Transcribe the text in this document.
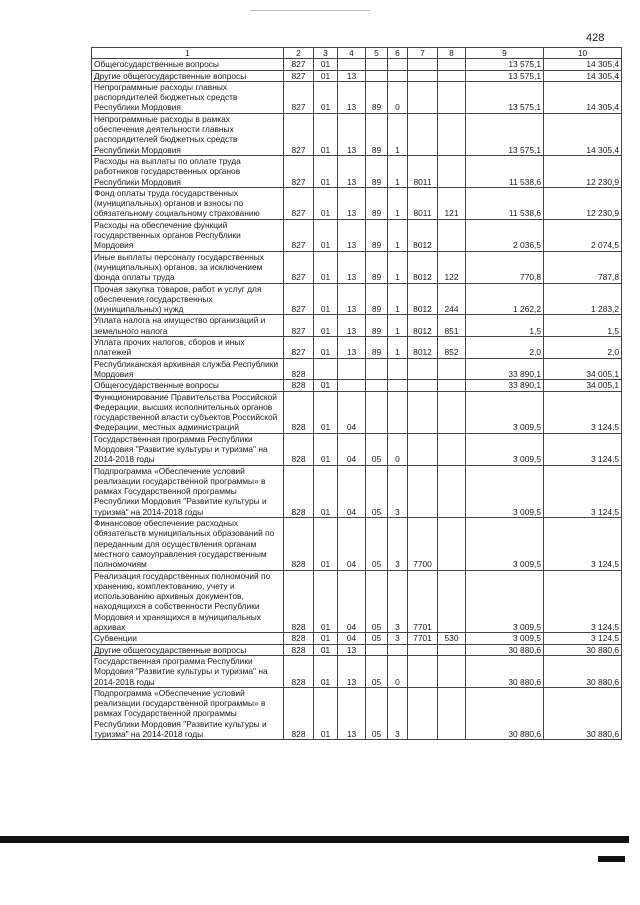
428
1	2	3	4	5	6	7	8	9	10
Общегосударственные вопросы	827	01						13 575,1	14 305,4
Другие общегосударственные вопросы	827	01	13					13 575,1	14 305,4
Непрограммные расходы главных распорядителей бюджетных средств Республики Мордовия	827	01	13	89	0			13 575,1	14 305,4
Непрограммные расходы в рамках обеспечения деятельности главных распорядителей бюджетных средств Республики Мордовия	827	01	13	89	1			13 575,1	14 305,4
Расходы на выплаты по оплате труда работников государственных органов Республики Мордовия	827	01	13	89	1	8011		11 538,6	12 230,9
Фонд оплаты труда государственных (муниципальных) органов и взносы по обязательному социальному страхованию	827	01	13	89	1	8011	121	11 538,6	12 230,9
Расходы на обеспечение функций государственных органов Республики Мордовия	827	01	13	89	1	8012		2 036,5	2 074,5
Иные выплаты персоналу государственных (муниципальных) органов, за исключением фонда оплаты труда	827	01	13	89	1	8012	122	770,8	787,8
Прочая закупка товаров, работ и услуг для обеспечения государственных (муниципальных) нужд	827	01	13	89	1	8012	244	1 262,2	1 283,2
Уплата налога на имущество организаций и земельного налога	827	01	13	89	1	8012	851	1,5	1,5
Уплата прочих налогов, сборов и иных платежей	827	01	13	89	1	8012	852	2,0	2,0
Республиканская архивная служба Республики Мордовия	828							33 890,1	34 005,1
Общегосударственные вопросы	828	01						33 890,1	34 005,1
Функционирование Правительства Российской Федерации, высших исполнительных органов государственной власти субъектов Российской Федерации, местных администраций	828	01	04					3 009,5	3 124,5
Государственная программа Республики Мордовия "Развитие культуры и туризма" на 2014-2018 годы	828	01	04	05	0			3 009,5	3 124,5
Подпрограмма «Обеспечение условий реализации государственной программы» в рамках Государственной программы Республики Мордовия "Развитие культуры и туризма" на 2014-2018 годы	828	01	04	05	3			3 009,5	3 124,5
Финансовое обеспечение расходных обязательств муниципальных образований по переданным для осуществления органам местного самоуправления государственным полномочиям	828	01	04	05	3	7700		3 009,5	3 124,5
Реализация государственных полномочий по хранению, комплектованию, учету и использованию архивных документов, находящихся в собственности Республики Мордовия и хранящихся в муниципальных архивах	828	01	04	05	3	7701		3 009,5	3 124,5
Субвенции	828	01	04	05	3	7701	530	3 009,5	3 124,5
Другие общегосударственные вопросы	828	01	13					30 880,6	30 880,6
Государственная программа Республики Мордовия "Развитие культуры и туризма" на 2014-2018 годы	828	01	13	05	0			30 880,6	30 880,6
Подпрограмма «Обеспечение условий реализации государственной программы» в рамках Государственной программы Республики Мордовия "Развитие культуры и туризма" на 2014-2018 годы	828	01	13	05	3			30 880,6	30 880,6
